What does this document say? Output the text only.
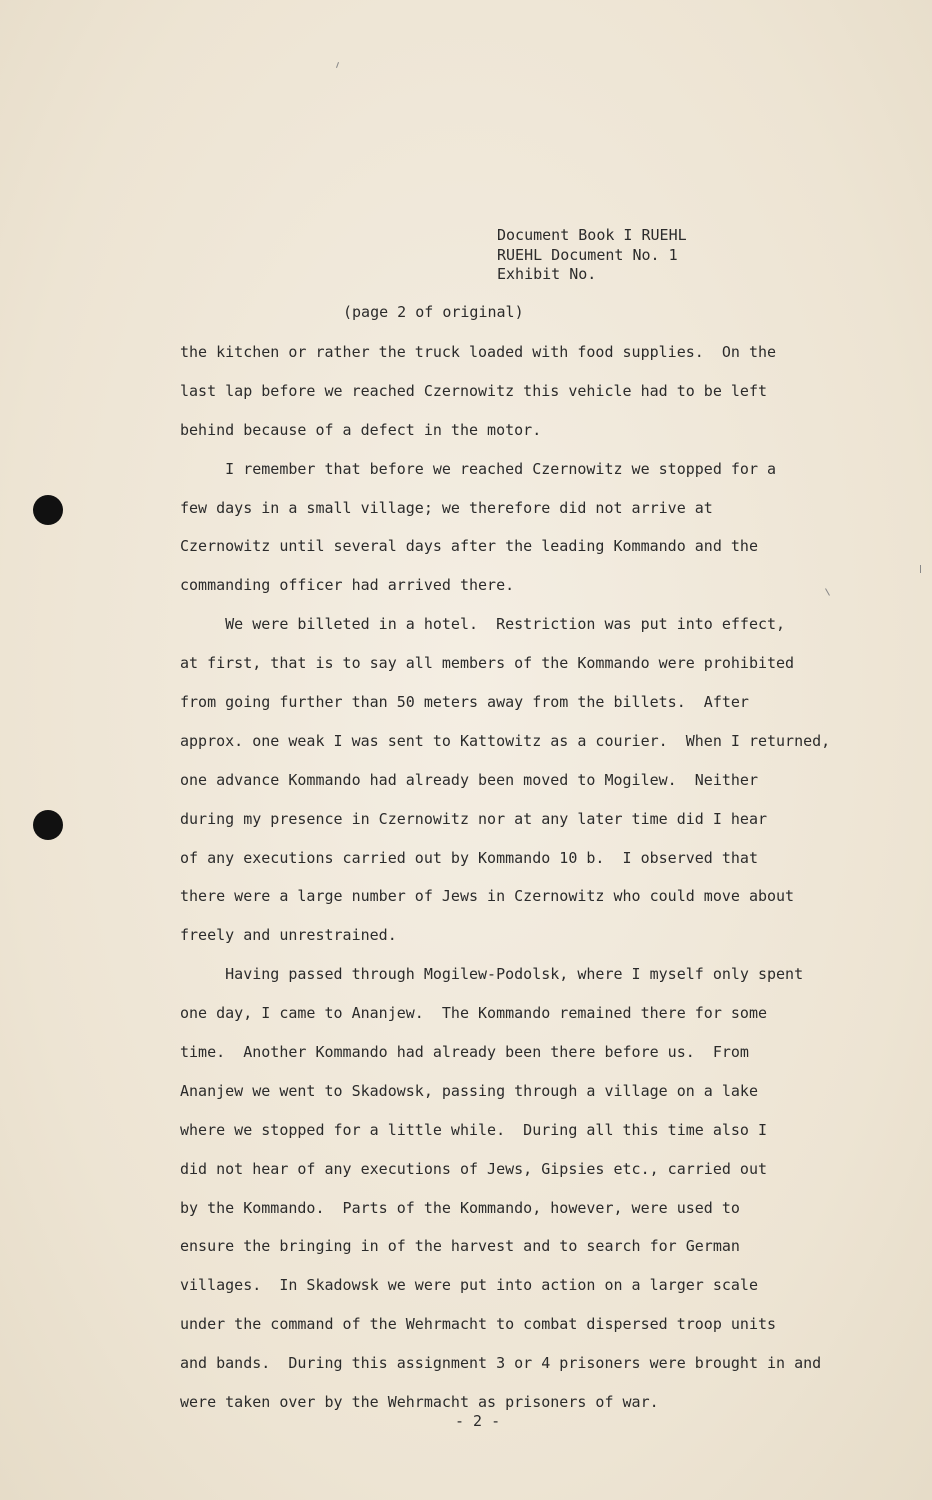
Document Book I RUEHL
RUEHL Document No. 1
Exhibit No.
(page 2 of original)
the kitchen or rather the truck loaded with food supplies.  On the
last lap before we reached Czernowitz this vehicle had to be left
behind because of a defect in the motor.
I remember that before we reached Czernowitz we stopped for a
few days in a small village; we therefore did not arrive at
Czernowitz until several days after the leading Kommando and the
commanding officer had arrived there.
We were billeted in a hotel.  Restriction was put into effect,
at first, that is to say all members of the Kommando were prohibited
from going further than 50 meters away from the billets.  After
approx. one weak I was sent to Kattowitz as a courier.  When I returned,
one advance Kommando had already been moved to Mogilew.  Neither
during my presence in Czernowitz nor at any later time did I hear
of any executions carried out by Kommando 10 b.  I observed that
there were a large number of Jews in Czernowitz who could move about
freely and unrestrained.
Having passed through Mogilew-Podolsk, where I myself only spent
one day, I came to Ananjew.  The Kommando remained there for some
time.  Another Kommando had already been there before us.  From
Ananjew we went to Skadowsk, passing through a village on a lake
where we stopped for a little while.  During all this time also I
did not hear of any executions of Jews, Gipsies etc., carried out
by the Kommando.  Parts of the Kommando, however, were used to
ensure the bringing in of the harvest and to search for German
villages.  In Skadowsk we were put into action on a larger scale
under the command of the Wehrmacht to combat dispersed troop units
and bands.  During this assignment 3 or 4 prisoners were brought in and
were taken over by the Wehrmacht as prisoners of war.
- 2 -
